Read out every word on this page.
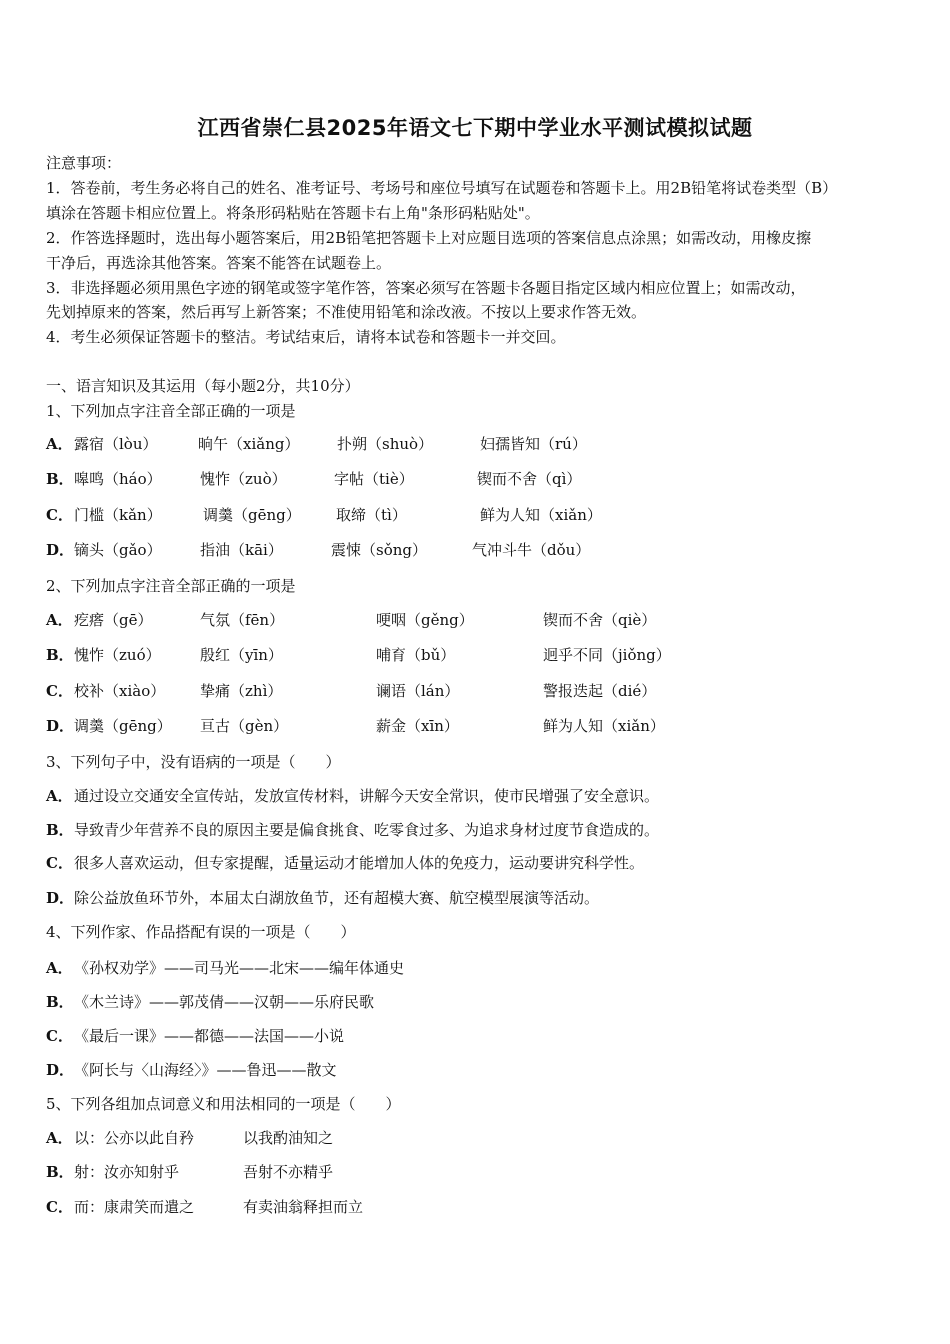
江西省崇仁县2025年语文七下期中学业水平测试模拟试题
注意事项：
1．答卷前，考生务必将自己的姓名、准考证号、考场号和座位号填写在试题卷和答题卡上。用2B铅笔将试卷类型（B）
填涂在答题卡相应位置上。将条形码粘贴在答题卡右上角"条形码粘贴处"。
2．作答选择题时，选出每小题答案后，用2B铅笔把答题卡上对应题目选项的答案信息点涂黑；如需改动，用橡皮擦
干净后，再选涂其他答案。答案不能答在试题卷上。
3．非选择题必须用黑色字迹的钢笔或签字笔作答，答案必须写在答题卡各题目指定区域内相应位置上；如需改动，
先划掉原来的答案，然后再写上新答案；不准使用铅笔和涂改液。不按以上要求作答无效。
4．考生必须保证答题卡的整洁。考试结束后，请将本试卷和答题卡一并交回。
一、语言知识及其运用（每小题2分，共10分）
1、下列加点字注音全部正确的一项是
A． 露宿（lòu）	晌午（xiǎng）	扑朔（shuò）	妇孺皆知（rú）
B． 嗥鸣（háo）	愧怍（zuò）	字帖（tiè）	锲而不舍（qì）
C． 门槛（kǎn）	调羹（gēng） 取缔（tì）	鲜为人知（xiǎn）
D． 镝头（gǎo）	指油（kāi）	震悚（sǒng）	气冲斗牛（dǒu）
2、下列加点字注音全部正确的一项是
A． 疙瘩（gē）	气氛（fēn）	哽咽（gěng）	锲而不舍（qiè）
B． 愧怍（zuó）	殷红（yīn）	哺育（bǔ）	迥乎不同（jiǒng）
C． 校补（xiào） 挚痛（zhì）	谰语（lán）	警报迭起（dié）
D． 调羹（gēng） 亘古（gèn）	薪金（xīn）	鲜为人知（xiǎn）
3、下列句子中，没有语病的一项是（　　）
A． 通过设立交通安全宣传站，发放宣传材料，讲解今天安全常识，使市民增强了安全意识。
B． 导致青少年营养不良的原因主要是偏食挑食、吃零食过多、为追求身材过度节食造成的。
C． 很多人喜欢运动，但专家提醒，适量运动才能增加人体的免疫力，运动要讲究科学性。
D． 除公益放鱼环节外，本届太白湖放鱼节，还有超模大赛、航空模型展演等活动。
4、下列作家、作品搭配有误的一项是（　　）
A． 《孙权劝学》——司马光——北宋——编年体通史
B． 《木兰诗》——郭茂倩——汉朝——乐府民歌
C． 《最后一课》——都德——法国——小说
D． 《阿长与〈山海经〉》——鲁迅——散文
5、下列各组加点词意义和用法相同的一项是（　　）
A． 以：公亦以此自矜	以我酌油知之
B． 射：汝亦知射乎	吾射不亦精乎
C． 而：康肃笑而遣之	有卖油翁释担而立
